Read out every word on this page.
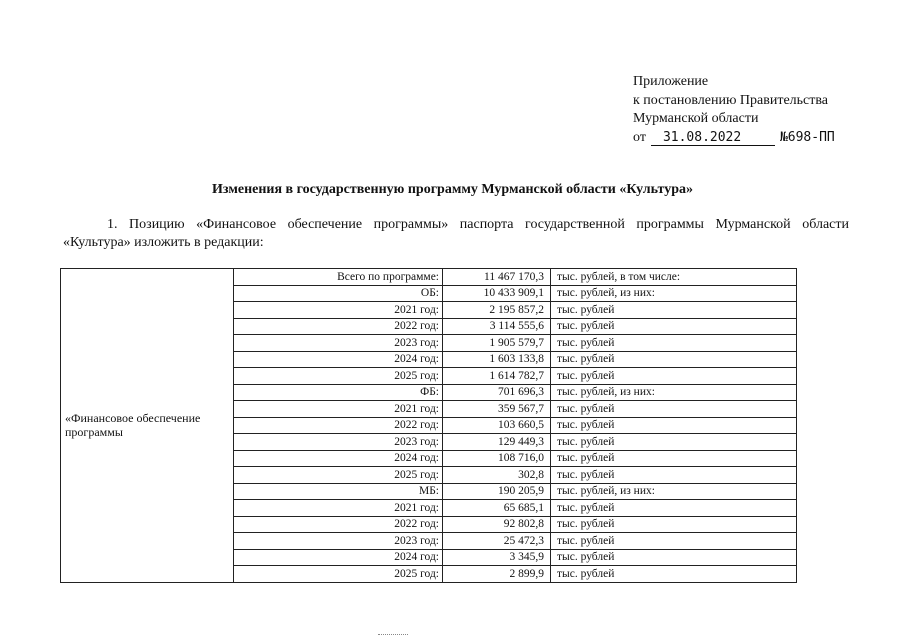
Приложение
к постановлению Правительства
Мурманской области
от	31.08.2022	№698-ПП
Изменения в государственную программу Мурманской области «Культура»
1. Позицию «Финансовое обеспечение программы» паспорта государственной программы Мурманской области
«Культура» изложить в редакции:
«Финансовое обеспечение программы	Всего по программе:	11 467 170,3	тыс. рублей, в том числе:
	ОБ:	10 433 909,1	тыс. рублей, из них:
	2021 год:	2 195 857,2	тыс. рублей
	2022 год:	3 114 555,6	тыс. рублей
	2023 год:	1 905 579,7	тыс. рублей
	2024 год:	1 603 133,8	тыс. рублей
	2025 год:	1 614 782,7	тыс. рублей
	ФБ:	701 696,3	тыс. рублей, из них:
	2021 год:	359 567,7	тыс. рублей
	2022 год:	103 660,5	тыс. рублей
	2023 год:	129 449,3	тыс. рублей
	2024 год:	108 716,0	тыс. рублей
	2025 год:	302,8	тыс. рублей
	МБ:	190 205,9	тыс. рублей, из них:
	2021 год:	65 685,1	тыс. рублей
	2022 год:	92 802,8	тыс. рублей
	2023 год:	25 472,3	тыс. рублей
	2024 год:	3 345,9	тыс. рублей
	2025 год:	2 899,9	тыс. рублей
